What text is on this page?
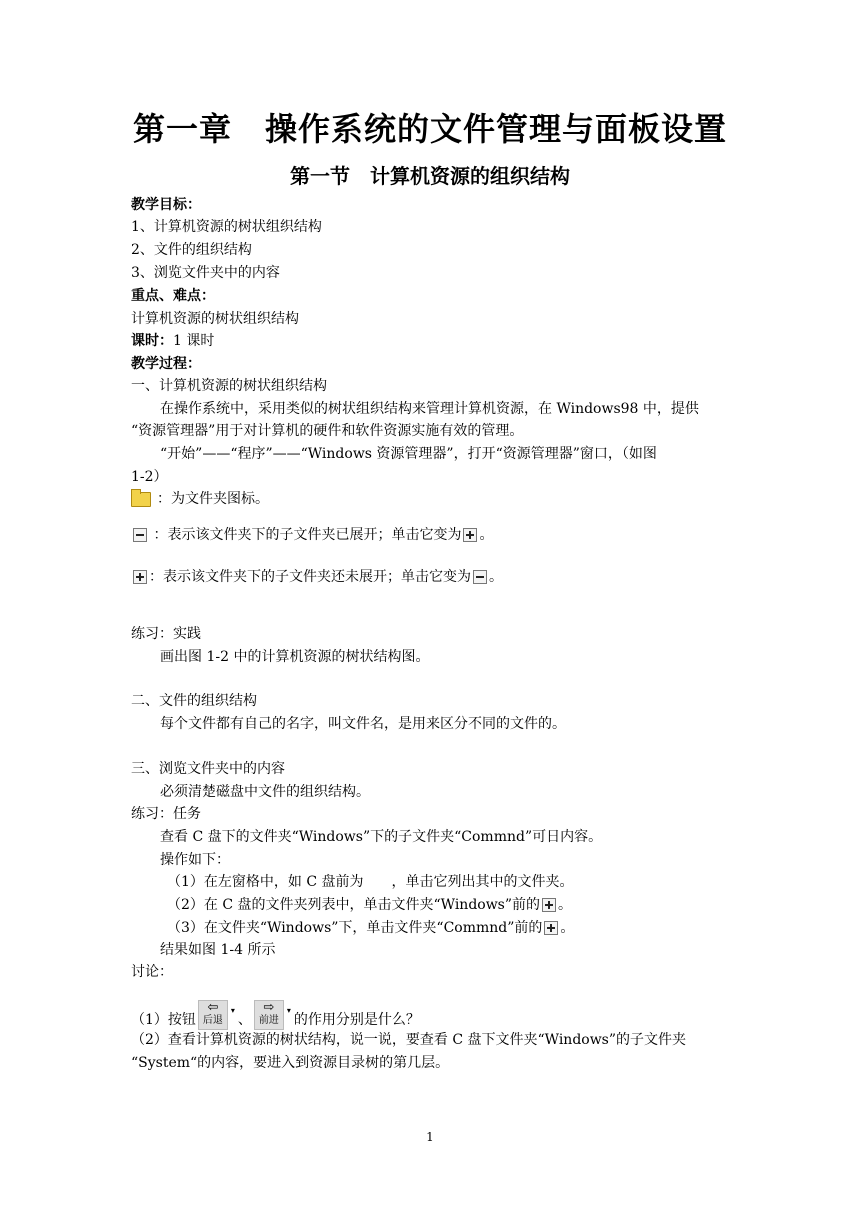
第一章　操作系统的文件管理与面板设置
第一节　计算机资源的组织结构
教学目标：
1、计算机资源的树状组织结构
2、文件的组织结构
3、浏览文件夹中的内容
重点、难点：
计算机资源的树状组织结构
课时：1 课时
教学过程：
一、计算机资源的树状组织结构
在操作系统中，采用类似的树状组织结构来管理计算机资源，在 Windows98 中，提供
“资源管理器”用于对计算机的硬件和软件资源实施有效的管理。
“开始”——“程序”——“Windows 资源管理器”，打开“资源管理器”窗口，（如图
1-2）
：为文件夹图标。
：表示该文件夹下的子文件夹已展开；单击它变为 。
：表示该文件夹下的子文件夹还未展开；单击它变为 。
练习：实践
画出图 1-2 中的计算机资源的树状结构图。
二、文件的组织结构
每个文件都有自己的名字，叫文件名，是用来区分不同的文件的。
三、浏览文件夹中的内容
必须清楚磁盘中文件的组织结构。
练习：任务
查看 C 盘下的文件夹“Windows”下的子文件夹“Commnd”可日内容。
操作如下：
（1）在左窗格中，如 C 盘前为　　，单击它列出其中的文件夹。
（2）在 C 盘的文件夹列表中，单击文件夹“Windows”前的 。
（3）在文件夹“Windows”下，单击文件夹“Commnd”前的 。
结果如图 1-4 所示
讨论：
（1）按钮
⇦
后退
▾
、
⇨
前进
▾
的作用分别是什么？
（2）查看计算机资源的树状结构，说一说，要查看 C 盘下文件夹“Windows”的子文件夹
“System“的内容，要进入到资源目录树的第几层。
1
